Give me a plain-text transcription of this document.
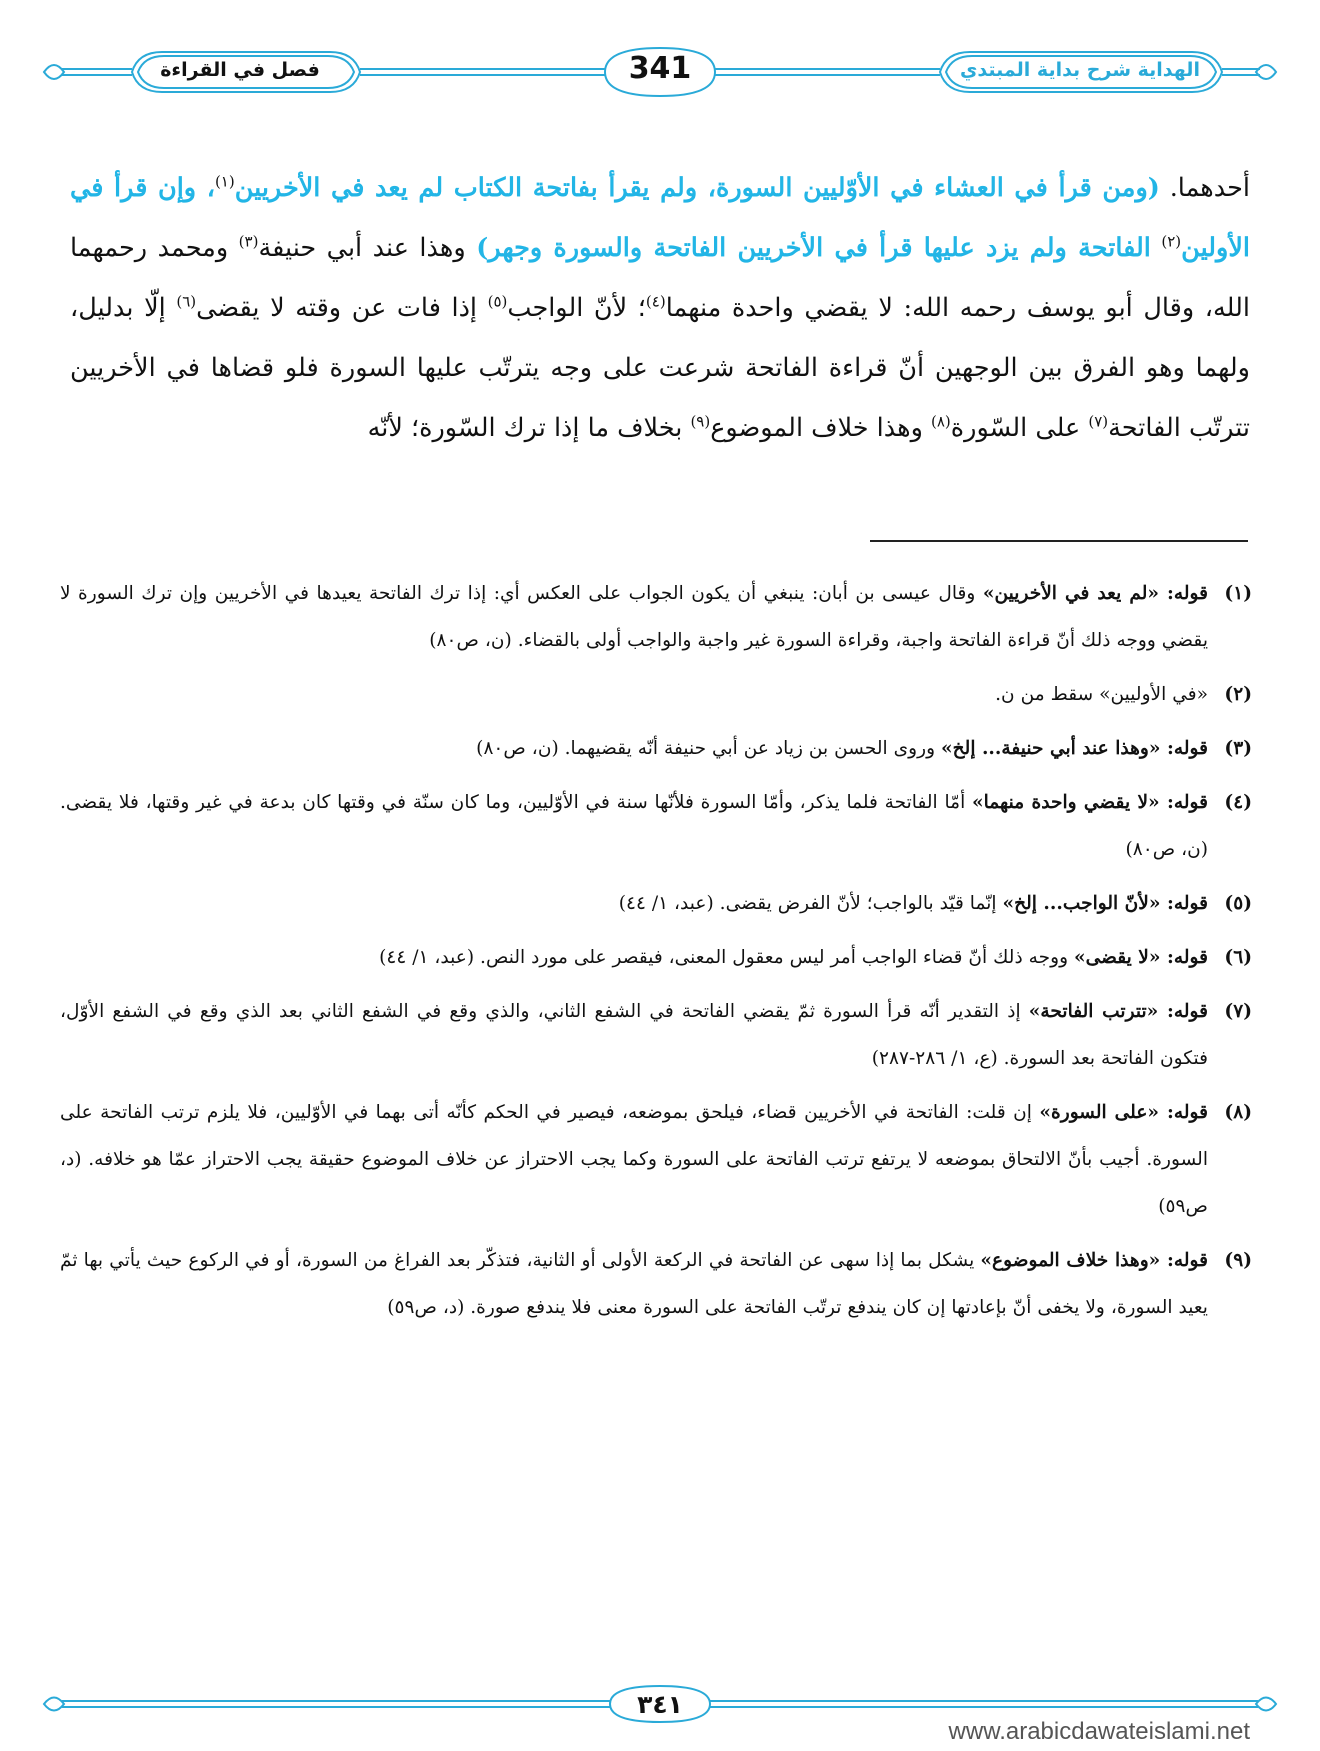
فصل في القراءة	341	الهداية شرح بداية المبتدي
أحدهما. (ومن قرأ في العشاء في الأوّليين السورة، ولم يقرأ بفاتحة الكتاب لم يعد في الأخريين$^{(١)}$، وإن قرأ في الأولين$^{(٢)}$ الفاتحة ولم يزد عليها قرأ في الأخريين الفاتحة والسورة وجهر) وهذا عند أبي حنيفة$^{(٣)}$ ومحمد رحمهما الله، وقال أبو يوسف رحمه الله: لا يقضي واحدة منهما$^{(٤)}$؛ لأنّ الواجب$^{(٥)}$ إذا فات عن وقته لا يقضى$^{(٦)}$ إلّا بدليل، ولهما وهو الفرق بين الوجهين أنّ قراءة الفاتحة شرعت على وجه يترتّب عليها السورة فلو قضاها في الأخريين تترتّب الفاتحة$^{(٧)}$ على السّورة$^{(٨)}$ وهذا خلاف الموضوع$^{(٩)}$ بخلاف ما إذا ترك السّورة؛ لأنّه
(١)
قوله: «لم يعد في الأخريين» وقال عيسى بن أبان: ينبغي أن يكون الجواب على العكس أي: إذا ترك الفاتحة يعيدها في الأخريين وإن ترك السورة لا يقضي ووجه ذلك أنّ قراءة الفاتحة واجبة، وقراءة السورة غير واجبة والواجب أولى بالقضاء. (ن، ص٨٠)
(٢)
«في الأوليين» سقط من ن.
(٣)
قوله: «وهذا عند أبي حنيفة... إلخ» وروى الحسن بن زياد عن أبي حنيفة أنّه يقضيهما. (ن، ص٨٠)
(٤)
قوله: «لا يقضي واحدة منهما» أمّا الفاتحة فلما يذكر، وأمّا السورة فلأنّها سنة في الأوّليين، وما كان سنّة في وقتها كان بدعة في غير وقتها، فلا يقضى. (ن، ص٨٠)
(٥)
قوله: «لأنّ الواجب... إلخ» إنّما قيّد بالواجب؛ لأنّ الفرض يقضى. (عبد، ١/ ٤٤)
(٦)
قوله: «لا يقضى» ووجه ذلك أنّ قضاء الواجب أمر ليس معقول المعنى، فيقصر على مورد النص. (عبد، ١/ ٤٤)
(٧)
قوله: «تترتب الفاتحة» إذ التقدير أنّه قرأ السورة ثمّ يقضي الفاتحة في الشفع الثاني، والذي وقع في الشفع الثاني بعد الذي وقع في الشفع الأوّل، فتكون الفاتحة بعد السورة. (ع، ١/ ٢٨٦-٢٨٧)
(٨)
قوله: «على السورة» إن قلت: الفاتحة في الأخريين قضاء، فيلحق بموضعه، فيصير في الحكم كأنّه أتى بهما في الأوّليين، فلا يلزم ترتب الفاتحة على السورة. أجيب بأنّ الالتحاق بموضعه لا يرتفع ترتب الفاتحة على السورة وكما يجب الاحتراز عن خلاف الموضوع حقيقة يجب الاحتراز عمّا هو خلافه. (د، ص٥٩)
(٩)
قوله: «وهذا خلاف الموضوع» يشكل بما إذا سهى عن الفاتحة في الركعة الأولى أو الثانية، فتذكّر بعد الفراغ من السورة، أو في الركوع حيث يأتي بها ثمّ يعيد السورة، ولا يخفى أنّ بإعادتها إن كان يندفع ترتّب الفاتحة على السورة معنى فلا يندفع صورة. (د، ص٥٩)
٣٤١
www.arabicdawateislami.net
